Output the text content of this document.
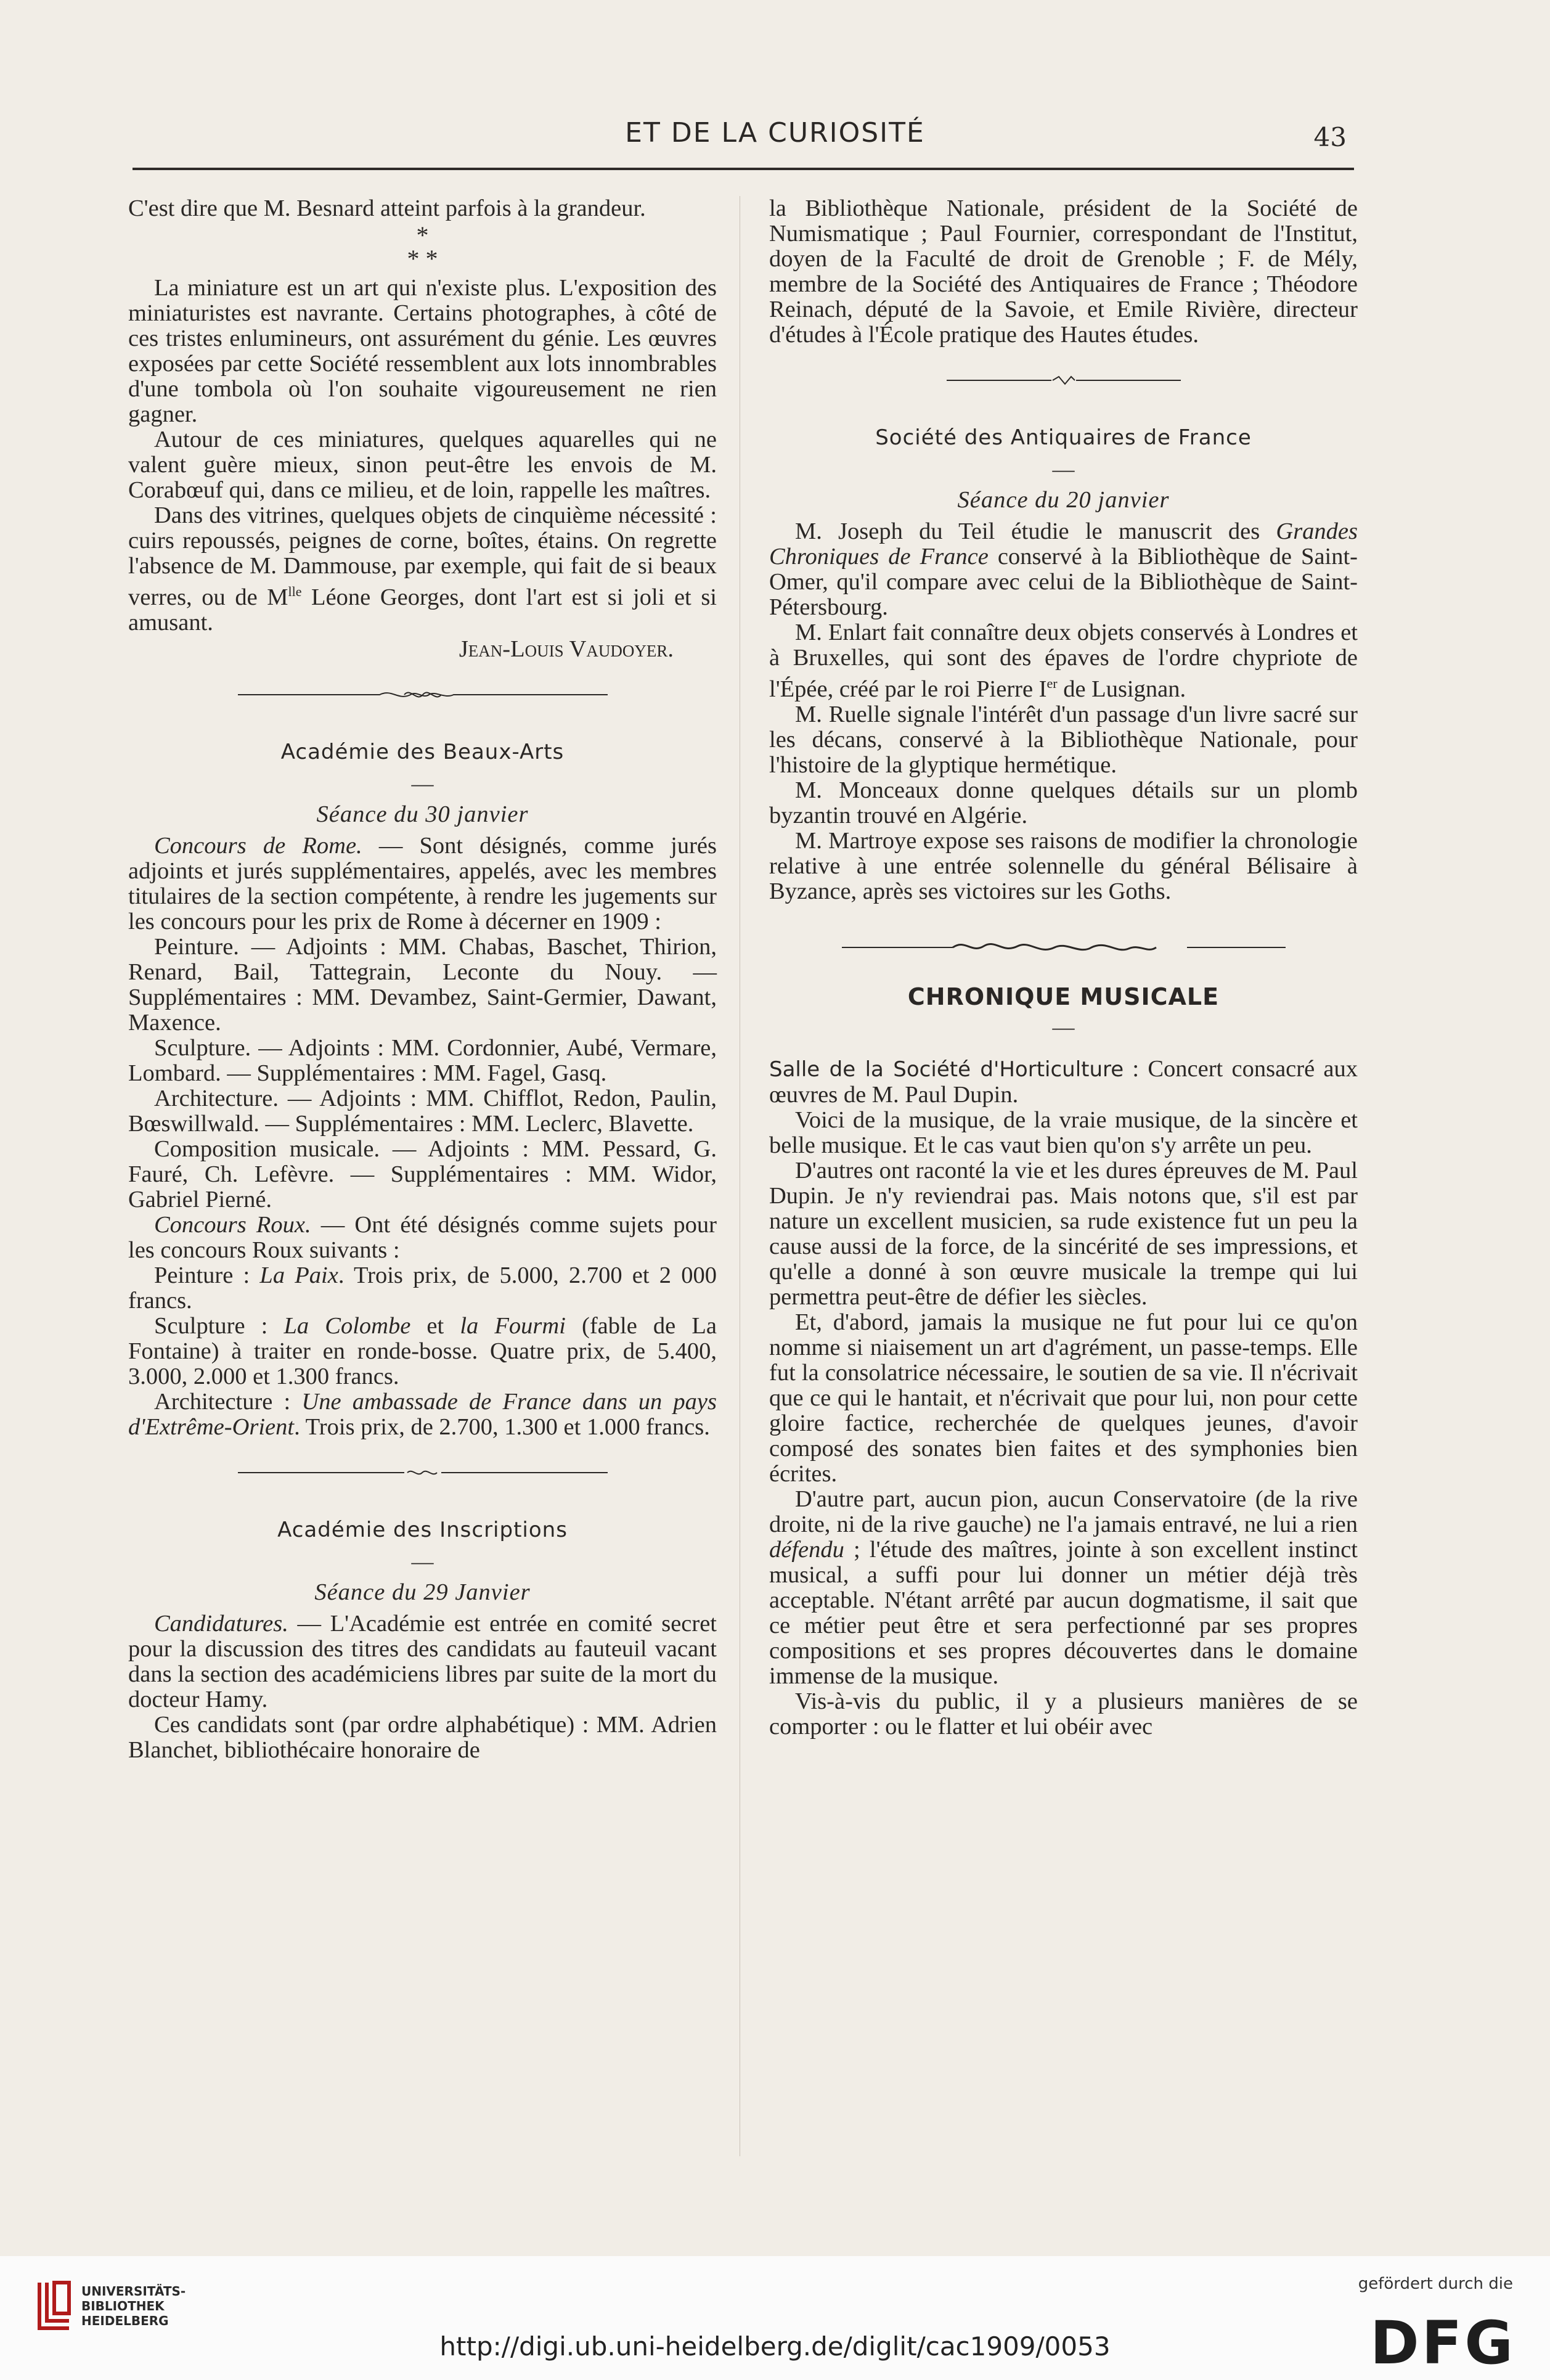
ET DE LA CURIOSITÉ	43

C'est dire que M. Besnard atteint parfois à la grandeur.

*
* *

La miniature est un art qui n'existe plus. L'exposition des miniaturistes est navrante. Certains photographes, à côté de ces tristes enlumineurs, ont assurément du génie. Les œuvres exposées par cette Société ressemblent aux lots innombrables d'une tombola où l'on souhaite vigoureusement ne rien gagner.

Autour de ces miniatures, quelques aquarelles qui ne valent guère mieux, sinon peut-être les envois de M. Corabœuf qui, dans ce milieu, et de loin, rappelle les maîtres.

Dans des vitrines, quelques objets de cinquième nécessité : cuirs repoussés, peignes de corne, boîtes, étains. On regrette l'absence de M. Dammouse, par exemple, qui fait de si beaux verres, ou de $M^{lle}$ Léone Georges, dont l'art est si joli et si amusant.

Jean-Louis Vaudoyer.
Académie des Beaux-Arts
—
Séance du 30 janvier

Concours de Rome. — Sont désignés, comme jurés adjoints et jurés supplémentaires, appelés, avec les membres titulaires de la section compétente, à rendre les jugements sur les concours pour les prix de Rome à décerner en 1909 :

Peinture. — Adjoints : MM. Chabas, Baschet, Thirion, Renard, Bail, Tattegrain, Leconte du Nouy. — Supplémentaires : MM. Devambez, Saint-Germier, Dawant, Maxence.

Sculpture. — Adjoints : MM. Cordonnier, Aubé, Vermare, Lombard. — Supplémentaires : MM. Fagel, Gasq.

Architecture. — Adjoints : MM. Chifflot, Redon, Paulin, Bœswillwald. — Supplémentaires : MM. Leclerc, Blavette.

Composition musicale. — Adjoints : MM. Pessard, G. Fauré, Ch. Lefèvre. — Supplémentaires : MM. Widor, Gabriel Pierné.

Concours Roux. — Ont été désignés comme sujets pour les concours Roux suivants :

Peinture : La Paix. Trois prix, de 5.000, 2.700 et 2 000 francs.

Sculpture : La Colombe et la Fourmi (fable de La Fontaine) à traiter en ronde-bosse. Quatre prix, de 5.400, 3.000, 2.000 et 1.300 francs.

Architecture : Une ambassade de France dans un pays d'Extrême-Orient. Trois prix, de 2.700, 1.300 et 1.000 francs.

Académie des Inscriptions
—
Séance du 29 Janvier

Candidatures. — L'Académie est entrée en comité secret pour la discussion des titres des candidats au fauteuil vacant dans la section des académiciens libres par suite de la mort du docteur Hamy.

Ces candidats sont (par ordre alphabétique) : MM. Adrien Blanchet, bibliothécaire honoraire de

la Bibliothèque Nationale, président de la Société de Numismatique ; Paul Fournier, correspondant de l'Institut, doyen de la Faculté de droit de Grenoble ; F. de Mély, membre de la Société des Antiquaires de France ; Théodore Reinach, député de la Savoie, et Emile Rivière, directeur d'études à l'École pratique des Hautes études.

Société des Antiquaires de France
—
Séance du 20 janvier

M. Joseph du Teil étudie le manuscrit des Grandes Chroniques de France conservé à la Bibliothèque de Saint-Omer, qu'il compare avec celui de la Bibliothèque de Saint-Pétersbourg.

M. Enlart fait connaître deux objets conservés à Londres et à Bruxelles, qui sont des épaves de l'ordre chypriote de l'Épée, créé par le roi Pierre Ier de Lusignan.

M. Ruelle signale l'intérêt d'un passage d'un livre sacré sur les décans, conservé à la Bibliothèque Nationale, pour l'histoire de la glyptique hermétique.

M. Monceaux donne quelques détails sur un plomb byzantin trouvé en Algérie.

M. Martroye expose ses raisons de modifier la chronologie relative à une entrée solennelle du général Bélisaire à Byzance, après ses victoires sur les Goths.

CHRONIQUE MUSICALE
—

Salle de la Société d'Horticulture : Concert consacré aux œuvres de M. Paul Dupin.

Voici de la musique, de la vraie musique, de la sincère et belle musique. Et le cas vaut bien qu'on s'y arrête un peu.

D'autres ont raconté la vie et les dures épreuves de M. Paul Dupin. Je n'y reviendrai pas. Mais notons que, s'il est par nature un excellent musicien, sa rude existence fut un peu la cause aussi de la force, de la sincérité de ses impressions, et qu'elle a donné à son œuvre musicale la trempe qui lui permettra peut-être de défier les siècles.

Et, d'abord, jamais la musique ne fut pour lui ce qu'on nomme si niaisement un art d'agrément, un passe-temps. Elle fut la consolatrice nécessaire, le soutien de sa vie. Il n'écrivait que ce qui le hantait, et n'écrivait que pour lui, non pour cette gloire factice, recherchée de quelques jeunes, d'avoir composé des sonates bien faites et des symphonies bien écrites.

D'autre part, aucun pion, aucun Conservatoire (de la rive droite, ni de la rive gauche) ne l'a jamais entravé, ne lui a rien défendu ; l'étude des maîtres, jointe à son excellent instinct musical, a suffi pour lui donner un métier déjà très acceptable. N'étant arrêté par aucun dogmatisme, il sait que ce métier peut être et sera perfectionné par ses propres compositions et ses propres découvertes dans le domaine immense de la musique.

Vis-à-vis du public, il y a plusieurs manières de se comporter : ou le flatter et lui obéir avec

UNIVERSITÄTS-
BIBLIOTHEK
HEIDELBERG
http://digi.ub.uni-heidelberg.de/diglit/cac1909/0053
gefördert durch die
DFG
